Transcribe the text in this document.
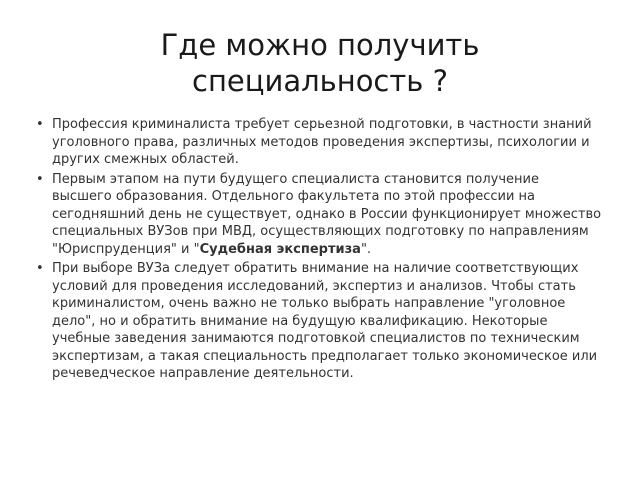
Где можно получить
специальность ?
• Профессия криминалиста требует серьезной подготовки, в частности знаний уголовного права, различных методов проведения экспертизы, психологии и других смежных областей.
• Первым этапом на пути будущего специалиста становится получение высшего образования. Отдельного факультета по этой профессии на сегодняшний день не существует, однако в России функционирует множество специальных ВУЗов при МВД, осуществляющих подготовку по направлениям "Юриспруденция" и "Судебная экспертиза".
• При выборе ВУЗа следует обратить внимание на наличие соответствующих условий для проведения исследований, экспертиз и анализов. Чтобы стать криминалистом, очень важно не только выбрать направление "уголовное дело", но и обратить внимание на будущую квалификацию. Некоторые учебные заведения занимаются подготовкой специалистов по техническим экспертизам, а такая специальность предполагает только экономическое или речеведческое направление деятельности.
